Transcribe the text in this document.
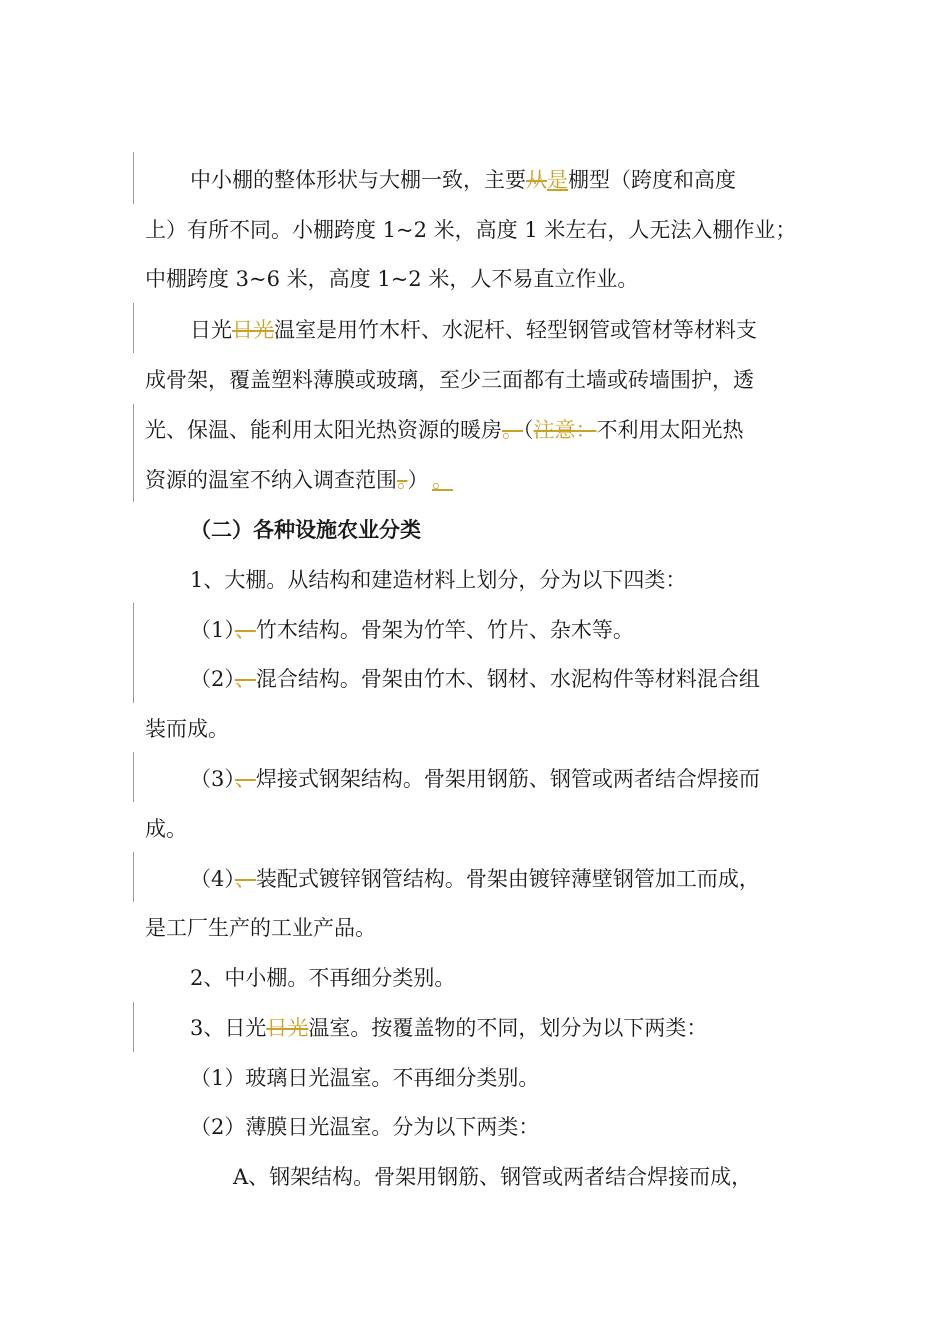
中小棚的整体形状与大棚一致，主要从是棚型（跨度和高度
上）有所不同。小棚跨度 1~2 米，高度 1 米左右，人无法入棚作业；
中棚跨度 3~6 米，高度 1~2 米，人不易直立作业。
日光日光温室是用竹木杆、水泥杆、轻型钢管或管材等材料支
成骨架，覆盖塑料薄膜或玻璃，至少三面都有土墙或砖墙围护，透
光、保温、能利用太阳光热资源的暖房。（注意：不利用太阳光热
资源的温室不纳入调查范围。） 。
（二）各种设施农业分类
1、大棚。从结构和建造材料上划分，分为以下四类：
（1）、竹木结构。骨架为竹竿、竹片、杂木等。
（2）、混合结构。骨架由竹木、钢材、水泥构件等材料混合组
装而成。
（3）、焊接式钢架结构。骨架用钢筋、钢管或两者结合焊接而
成。
（4）、装配式镀锌钢管结构。骨架由镀锌薄壁钢管加工而成，
是工厂生产的工业产品。
2、中小棚。不再细分类别。
3、日光日光温室。按覆盖物的不同，划分为以下两类：
（1）玻璃日光温室。不再细分类别。
（2）薄膜日光温室。分为以下两类：
A、钢架结构。骨架用钢筋、钢管或两者结合焊接而成，
